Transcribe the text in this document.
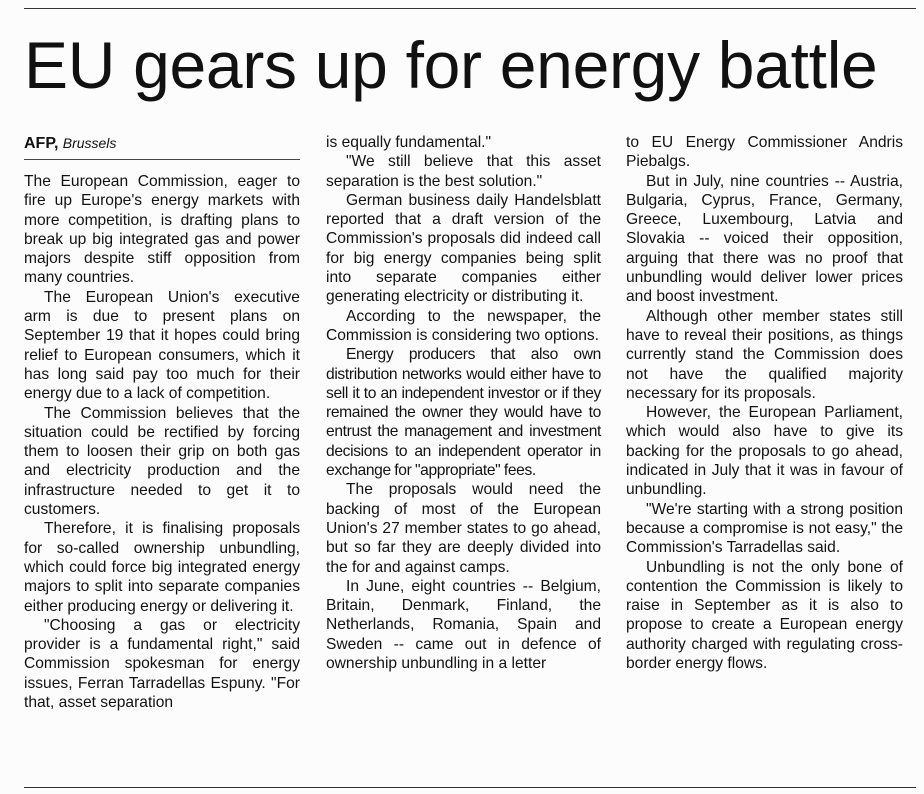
EU gears up for energy battle
AFP, Brussels

The European Commission, eager to fire up Europe's energy markets with more competition, is drafting plans to break up big integrated gas and power majors despite stiff opposition from many countries.

The European Union's executive arm is due to present plans on September 19 that it hopes could bring relief to European consumers, which it has long said pay too much for their energy due to a lack of competition.

The Commission believes that the situation could be rectified by forcing them to loosen their grip on both gas and electricity production and the infrastructure needed to get it to customers.

Therefore, it is finalising proposals for so-called ownership unbundling, which could force big integrated energy majors to split into separate companies either producing energy or delivering it.

"Choosing a gas or electricity provider is a fundamental right," said Commission spokesman for energy issues, Ferran Tarradellas Espuny. "For that, asset separation

is equally fundamental."

"We still believe that this asset separation is the best solution."

German business daily Handelsblatt reported that a draft version of the Commission's proposals did indeed call for big energy companies being split into separate companies either generating electricity or distributing it.

According to the newspaper, the Commission is considering two options.

Energy producers that also own distribution networks would either have to sell it to an independent investor or if they remained the owner they would have to entrust the management and investment decisions to an independent operator in exchange for "appropriate" fees.

The proposals would need the backing of most of the European Union's 27 member states to go ahead, but so far they are deeply divided into the for and against camps.

In June, eight countries -- Belgium, Britain, Denmark, Finland, the Netherlands, Romania, Spain and Sweden -- came out in defence of ownership unbundling in a letter

to EU Energy Commissioner Andris Piebalgs.

But in July, nine countries -- Austria, Bulgaria, Cyprus, France, Germany, Greece, Luxembourg, Latvia and Slovakia -- voiced their opposition, arguing that there was no proof that unbundling would deliver lower prices and boost investment.

Although other member states still have to reveal their positions, as things currently stand the Commission does not have the qualified majority necessary for its proposals.

However, the European Parliament, which would also have to give its backing for the proposals to go ahead, indicated in July that it was in favour of unbundling.

"We're starting with a strong position because a compromise is not easy," the Commission's Tarradellas said.

Unbundling is not the only bone of contention the Commission is likely to raise in September as it is also to propose to create a European energy authority charged with regulating cross-border energy flows.
